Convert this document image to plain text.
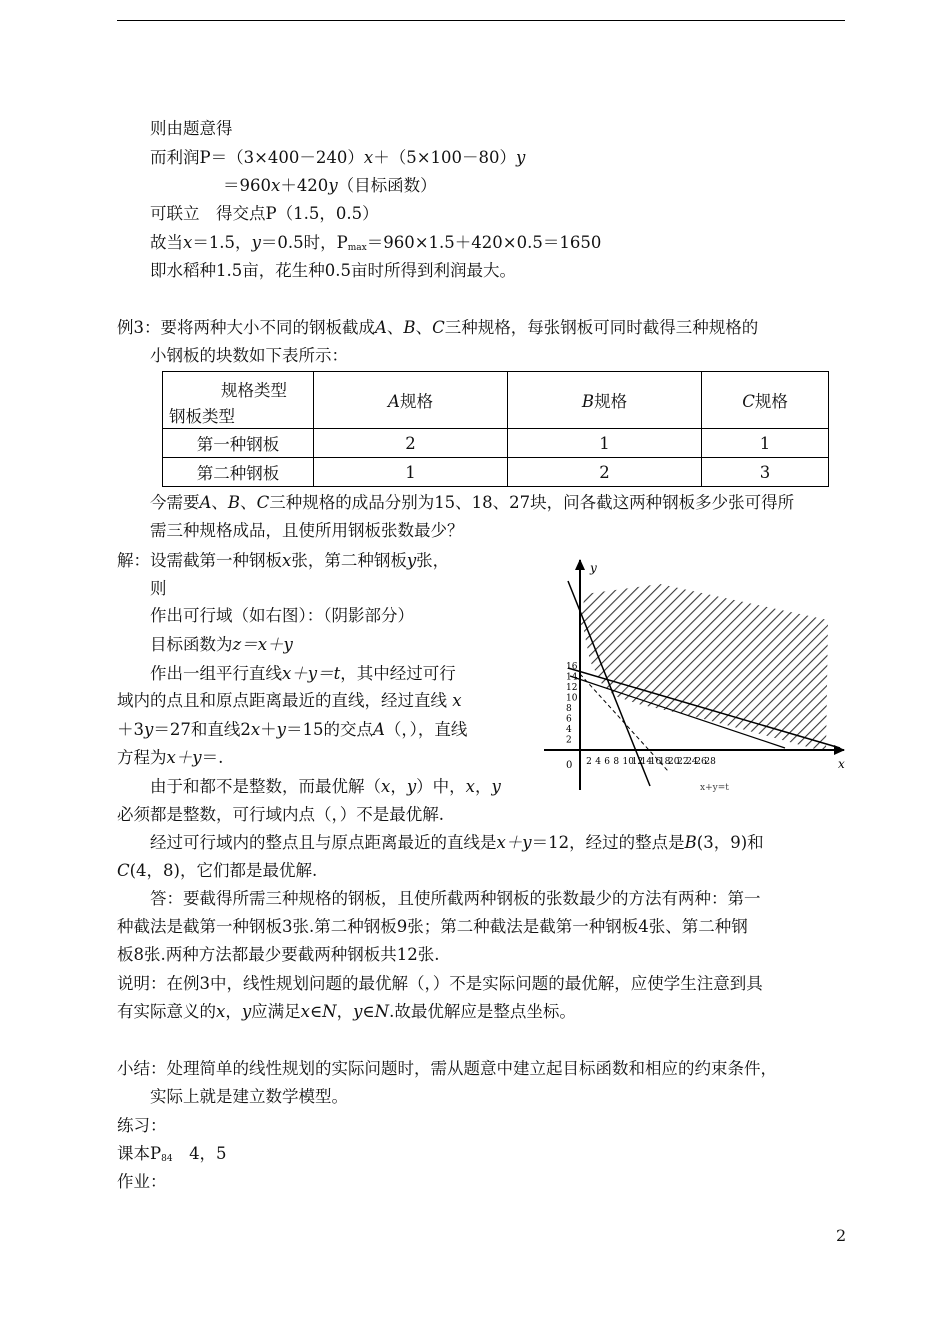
则由题意得
而利润P＝（3×400－240）x＋（5×100－80）y
＝960x＋420y（目标函数）
可联立　得交点P（1.5，0.5）
故当x＝1.5，y＝0.5时，$P_{max}=960\times 1.5+420\times 0.5=1650$
即水稻种1.5亩，花生种0.5亩时所得到利润最大。
例3：要将两种大小不同的钢板截成A、B、C三种规格，每张钢板可同时截得三种规格的
小钢板的块数如下表所示：
规格类型
钢板类型	A规格	B规格	C规格
第一种钢板	2	1	1
第二种钢板	1	2	3
今需要A、B、C三种规格的成品分别为15、18、27块，问各截这两种钢板多少张可得所
需三种规格成品，且使所用钢板张数最少？
解：设需截第一种钢板x张，第二种钢板y张，
则
作出可行域（如右图）：（阴影部分）
目标函数为z＝x＋y
作出一组平行直线x＋y＝t，其中经过可行
域内的点且和原点距离最近的直线，经过直线 x
＋3y＝27和直线2x＋y＝15的交点A（，），直线
方程为x＋y＝.
由于和都不是整数，而最优解（x，y）中，x，y
必须都是整数，可行域内点（，）不是最优解.
经过可行域内的整点且与原点距离最近的直线是x＋y＝12，经过的整点是B(3，9)和
C(4，8)，它们都是最优解.
答：要截得所需三种规格的钢板，且使所截两种钢板的张数最少的方法有两种：第一
种截法是截第一种钢板3张.第二种钢板9张；第二种截法是截第一种钢板4张、第二种钢
板8张.两种方法都最少要截两种钢板共12张.
说明：在例3中，线性规划问题的最优解（，）不是实际问题的最优解，应使学生注意到具
有实际意义的x，y应满足x∈N，y∈N.故最优解应是整点坐标。
小结：处理简单的线性规划的实际问题时，需从题意中建立起目标函数和相应的约束条件，
实际上就是建立数学模型。
练习：
课本$P_{84}$　4，5
作业：
y
x
0 2 4 6 8 10
12
14
16
18
20
22
24
26
28
2
4
6
8
10
12
14
16
x+y=t
2
